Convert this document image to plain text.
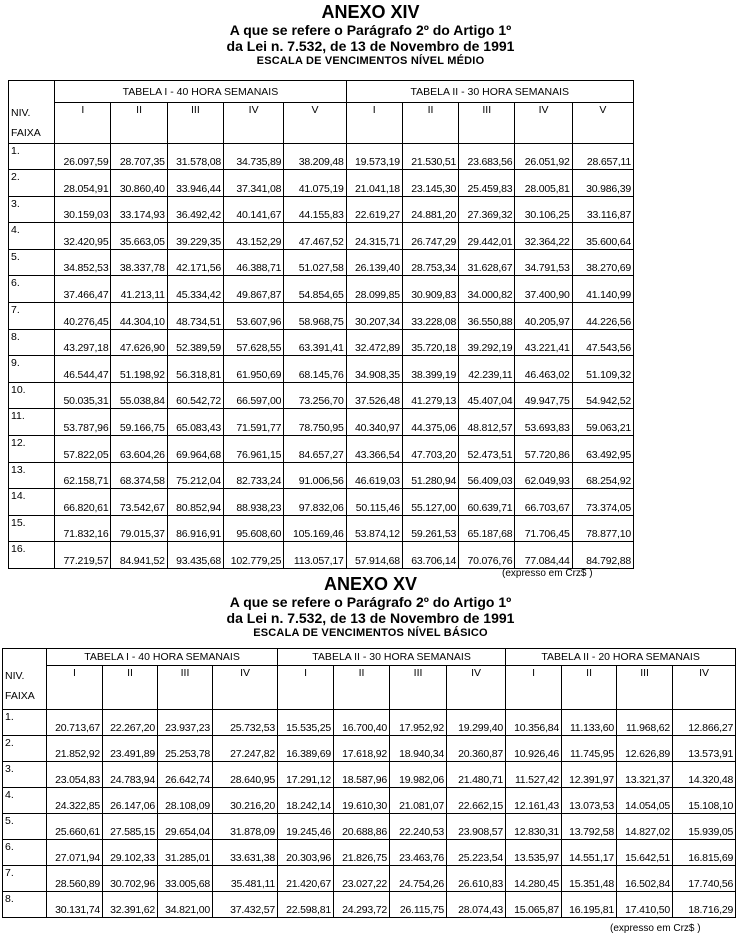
ANEXO XIV
A que se refere o Parágrafo 2º do Artigo 1º
da Lei n. 7.532, de 13 de Novembro de 1991
ESCALA DE VENCIMENTOS NÍVEL MÉDIO
	TABELA I - 40 HORA SEMANAIS					TABELA II - 30 HORA SEMANAIS				

NIV.
FAIXA	I	II	III	IV	V	I	II	III	IV	V
1.	26.097,59	28.707,35	31.578,08	34.735,89	38.209,48	19.573,19	21.530,51	23.683,56	26.051,92	28.657,11
2.	28.054,91	30.860,40	33.946,44	37.341,08	41.075,19	21.041,18	23.145,30	25.459,83	28.005,81	30.986,39
3.	30.159,03	33.174,93	36.492,42	40.141,67	44.155,83	22.619,27	24.881,20	27.369,32	30.106,25	33.116,87
4.	32.420,95	35.663,05	39.229,35	43.152,29	47.467,52	24.315,71	26.747,29	29.442,01	32.364,22	35.600,64
5.	34.852,53	38.337,78	42.171,56	46.388,71	51.027,58	26.139,40	28.753,34	31.628,67	34.791,53	38.270,69
6.	37.466,47	41.213,11	45.334,42	49.867,87	54.854,65	28.099,85	30.909,83	34.000,82	37.400,90	41.140,99
7.	40.276,45	44.304,10	48.734,51	53.607,96	58.968,75	30.207,34	33.228,08	36.550,88	40.205,97	44.226,56
8.	43.297,18	47.626,90	52.389,59	57.628,55	63.391,41	32.472,89	35.720,18	39.292,19	43.221,41	47.543,56
9.	46.544,47	51.198,92	56.318,81	61.950,69	68.145,76	34.908,35	38.399,19	42.239,11	46.463,02	51.109,32
10.	50.035,31	55.038,84	60.542,72	66.597,00	73.256,70	37.526,48	41.279,13	45.407,04	49.947,75	54.942,52
11.	53.787,96	59.166,75	65.083,43	71.591,77	78.750,95	40.340,97	44.375,06	48.812,57	53.693,83	59.063,21
12.	57.822,05	63.604,26	69.964,68	76.961,15	84.657,27	43.366,54	47.703,20	52.473,51	57.720,86	63.492,95
13.	62.158,71	68.374,58	75.212,04	82.733,24	91.006,56	46.619,03	51.280,94	56.409,03	62.049,93	68.254,92
14.	66.820,61	73.542,67	80.852,94	88.938,23	97.832,06	50.115,46	55.127,00	60.639,71	66.703,67	73.374,05
15.	71.832,16	79.015,37	86.916,91	95.608,60	105.169,46	53.874,12	59.261,53	65.187,68	71.706,45	78.877,10
16.	77.219,57	84.941,52	93.435,68	102.779,25	113.057,17	57.914,68	63.706,14	70.076,76	77.084,44	84.792,88
(expresso em Crz$ )
ANEXO XV
A que se refere o Parágrafo 2º do Artigo 1º
da Lei n. 7.532, de 13 de Novembro de 1991
ESCALA DE VENCIMENTOS NÍVEL BÁSICO
	TABELA I - 40 HORA SEMANAIS				TABELA II - 30 HORA SEMANAIS				TABELA II - 20 HORA SEMANAIS			

NIV.
FAIXA	I	II	III	IV	I	II	III	IV	I	II	III	IV
1.	20.713,67	22.267,20	23.937,23	25.732,53	15.535,25	16.700,40	17.952,92	19.299,40	10.356,84	11.133,60	11.968,62	12.866,27
2.	21.852,92	23.491,89	25.253,78	27.247,82	16.389,69	17.618,92	18.940,34	20.360,87	10.926,46	11.745,95	12.626,89	13.573,91
3.	23.054,83	24.783,94	26.642,74	28.640,95	17.291,12	18.587,96	19.982,06	21.480,71	11.527,42	12.391,97	13.321,37	14.320,48
4.	24.322,85	26.147,06	28.108,09	30.216,20	18.242,14	19.610,30	21.081,07	22.662,15	12.161,43	13.073,53	14.054,05	15.108,10
5.	25.660,61	27.585,15	29.654,04	31.878,09	19.245,46	20.688,86	22.240,53	23.908,57	12.830,31	13.792,58	14.827,02	15.939,05
6.	27.071,94	29.102,33	31.285,01	33.631,38	20.303,96	21.826,75	23.463,76	25.223,54	13.535,97	14.551,17	15.642,51	16.815,69
7.	28.560,89	30.702,96	33.005,68	35.481,11	21.420,67	23.027,22	24.754,26	26.610,83	14.280,45	15.351,48	16.502,84	17.740,56
8.	30.131,74	32.391,62	34.821,00	37.432,57	22.598,81	24.293,72	26.115,75	28.074,43	15.065,87	16.195,81	17.410,50	18.716,29
(expresso em Crz$ )
